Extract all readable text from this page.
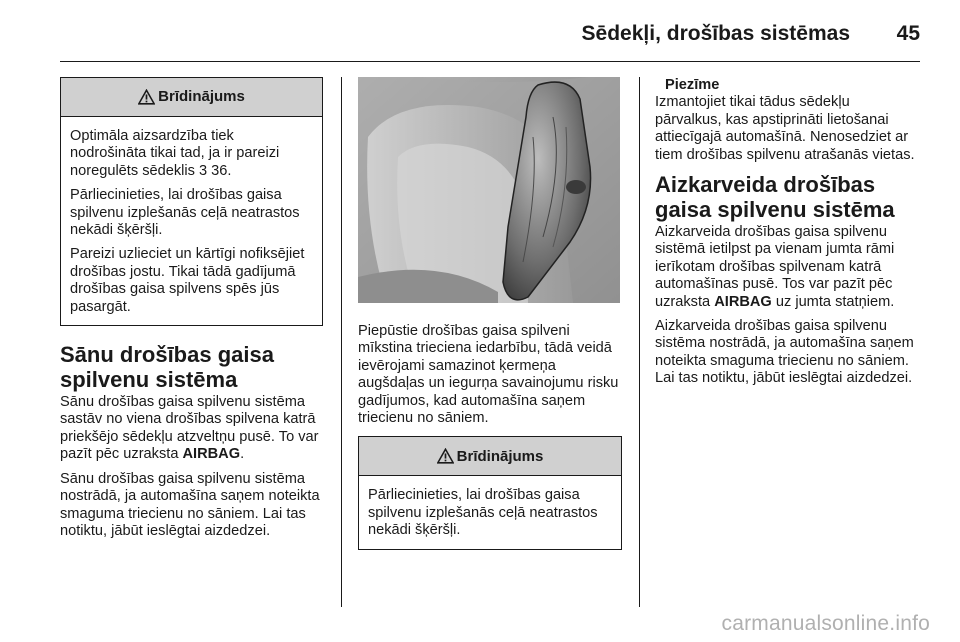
Sēdekļi, drošības sistēmas 45
Brīdinājums

Optimāla aizsardzība tiek nodrošināta tikai tad, ja ir pareizi noregulēts sēdeklis 3 36.

Pārliecinieties, lai drošības gaisa spilvenu izplešanās ceļā neatrastos nekādi šķēršļi.

Pareizi uzlieciet un kārtīgi nofiksējiet drošības jostu. Tikai tādā gadījumā drošības gaisa spilvens spēs jūs pasargāt.

Sānu drošības gaisa spilvenu sistēma

Sānu drošības gaisa spilvenu sistēma sastāv no viena drošības spilvena katrā priekšējo sēdekļu atzveltņu pusē. To var pazīt pēc uzraksta AIRBAG.

Sānu drošības gaisa spilvenu sistēma nostrādā, ja automašīna saņem noteikta smaguma triecienu no sāniem. Lai tas notiktu, jābūt ieslēgtai aizdedzei.

Piepūstie drošības gaisa spilveni mīkstina trieciena iedarbību, tādā veidā ievērojami samazinot ķermeņa augšdaļas un iegurņa savainojumu risku gadījumos, kad automašīna saņem triecienu no sāniem.

Brīdinājums

Pārliecinieties, lai drošības gaisa spilvenu izplešanās ceļā neatrastos nekādi šķēršļi.

Piezīme

Izmantojiet tikai tādus sēdekļu pārvalkus, kas apstiprināti lietošanai attiecīgajā automašīnā. Nenosedziet ar tiem drošības spilvenu atrašanās vietas.

Aizkarveida drošības gaisa spilvenu sistēma

Aizkarveida drošības gaisa spilvenu sistēmā ietilpst pa vienam jumta rāmi ierīkotam drošības spilvenam katrā automašīnas pusē. Tos var pazīt pēc uzraksta AIRBAG uz jumta statņiem.

Aizkarveida drošības gaisa spilvenu sistēma nostrādā, ja automašīna saņem noteikta smaguma triecienu no sāniem. Lai tas notiktu, jābūt ieslēgtai aizdedzei.

carmanualsonline.info
